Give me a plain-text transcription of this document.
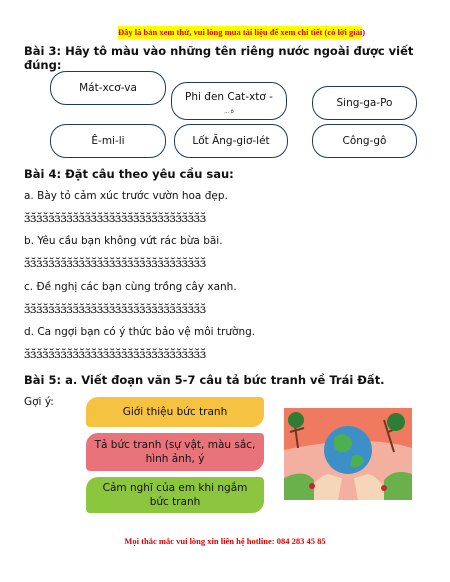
Đây là bản xem thử, vui lòng mua tài liệu để xem chi tiết (có lời giải)
Bài 3: Hãy tô màu vào những tên riêng nước ngoài được viết đúng:
Mát-xcơ-va
Phi đen Cat-xtơ -
... ô
Sing-ga-Po
Ê-mi-li	Lốt Ăng-giơ-lét	Công-gô
Bài 4: Đặt câu theo yêu cầu sau:
a. Bày tỏ cảm xúc trước vườn hoa đẹp.
ɜ̆ɜ̆ɜ̆ɜ̆ɜ̆ɜ̆ɜ̆ɜ̆ɜ̆ɜ̆ɜ̆ɜ̆ɜ̆ɜ̆ɜ̆ɜ̆ɜ̆ɜ̆ɜ̆ɜ̆ɜ̆ɜ̆ɜ̆ɜ̆ɜ̆ɜ̆ɜ̆ɜ̆ɜ̆ɜ̆
b. Yêu cầu bạn không vứt rác bừa bãi.
ɜ̆ɜ̆ɜ̆ɜ̆ɜ̆ɜ̆ɜ̆ɜ̆ɜ̆ɜ̆ɜ̆ɜ̆ɜ̆ɜ̆ɜ̆ɜ̆ɜ̆ɜ̆ɜ̆ɜ̆ɜ̆ɜ̆ɜ̆ɜ̆ɜ̆ɜ̆ɜ̆ɜ̆ɜ̆ɜ̆
c. Đề nghị các bạn cùng trồng cây xanh.
ɜ̆ɜ̆ɜ̆ɜ̆ɜ̆ɜ̆ɜ̆ɜ̆ɜ̆ɜ̆ɜ̆ɜ̆ɜ̆ɜ̆ɜ̆ɜ̆ɜ̆ɜ̆ɜ̆ɜ̆ɜ̆ɜ̆ɜ̆ɜ̆ɜ̆ɜ̆ɜ̆ɜ̆ɜ̆ɜ̆
d. Ca ngợi bạn có ý thức bảo vệ môi trường.
ɜ̆ɜ̆ɜ̆ɜ̆ɜ̆ɜ̆ɜ̆ɜ̆ɜ̆ɜ̆ɜ̆ɜ̆ɜ̆ɜ̆ɜ̆ɜ̆ɜ̆ɜ̆ɜ̆ɜ̆ɜ̆ɜ̆ɜ̆ɜ̆ɜ̆ɜ̆ɜ̆ɜ̆ɜ̆ɜ̆
Bài 5: a. Viết đoạn văn 5-7 câu tả bức tranh về Trái Đất.
Gợi ý:
Giới thiệu bức tranh
Tả bức tranh (sự vật, màu sắc, hình ảnh, ý
Cảm nghĩ của em khi ngắm bức tranh
Mọi thắc mắc vui lòng xin liên hệ hotline: 084 283 45 85
